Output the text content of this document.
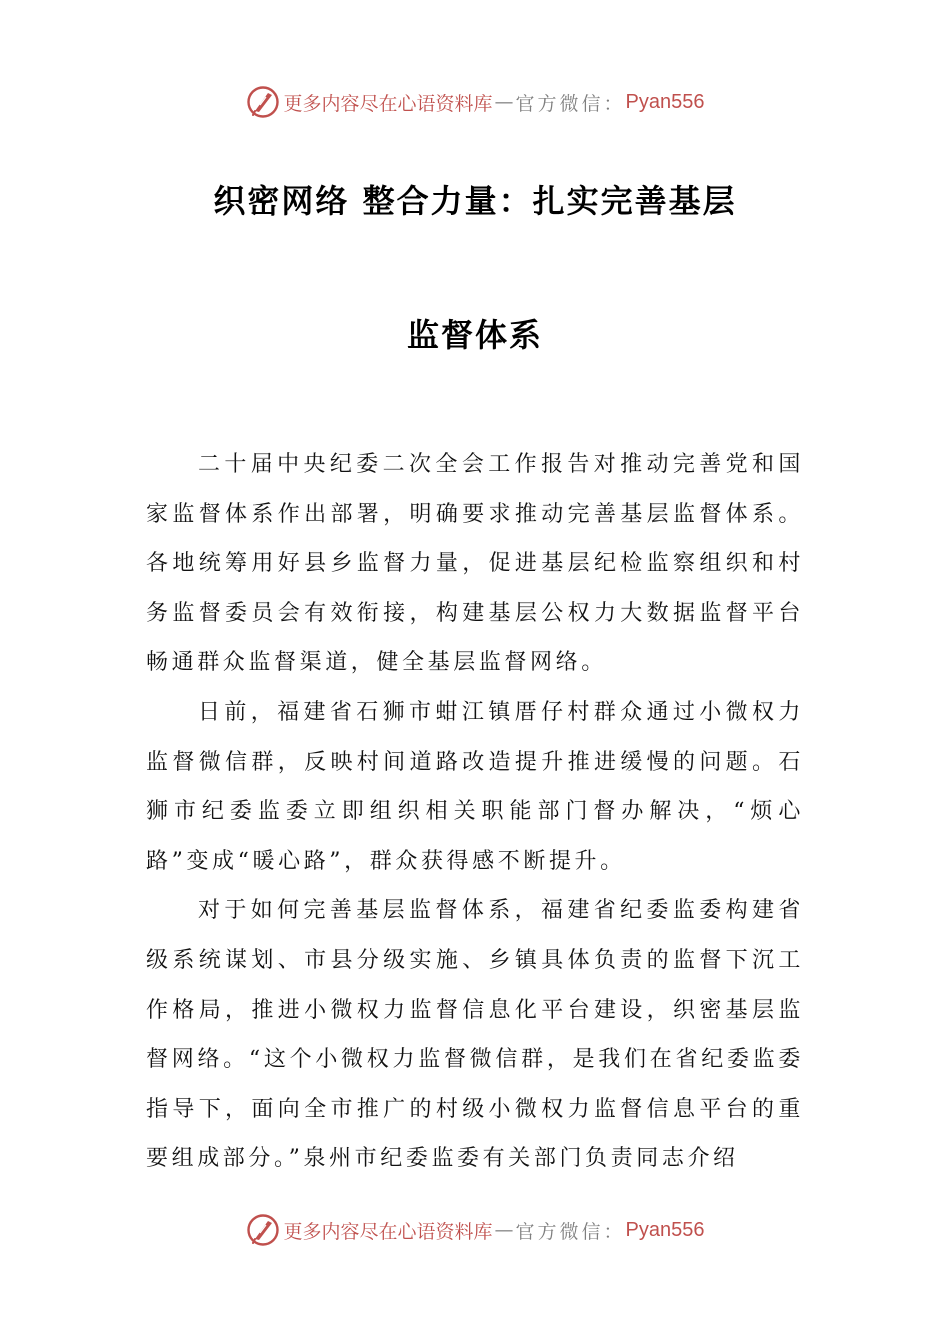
更多内容尽在心语资料库 — 官方微信： Pyan556
织密网络 整合力量：扎实完善基层
监督体系

二十届中央纪委二次全会工作报告对推动完善党和国家监督体系作出部署，明确要求推动完善基层监督体系。各地统筹用好县乡监督力量，促进基层纪检监察组织和村务监督委员会有效衔接，构建基层公权力大数据监督平台畅通群众监督渠道，健全基层监督网络。

日前，福建省石狮市蚶江镇厝仔村群众通过小微权力监督微信群，反映村间道路改造提升推进缓慢的问题。石狮市纪委监委立即组织相关职能部门督办解决，“烦心路”变成“暖心路”，群众获得感不断提升。

对于如何完善基层监督体系，福建省纪委监委构建省级系统谋划、市县分级实施、乡镇具体负责的监督下沉工作格局，推进小微权力监督信息化平台建设，织密基层监督网络。“这个小微权力监督微信群，是我们在省纪委监委指导下，面向全市推广的村级小微权力监督信息平台的重要组成部分。”泉州市纪委监委有关部门负责同志介绍

更多内容尽在心语资料库 — 官方微信： Pyan556
